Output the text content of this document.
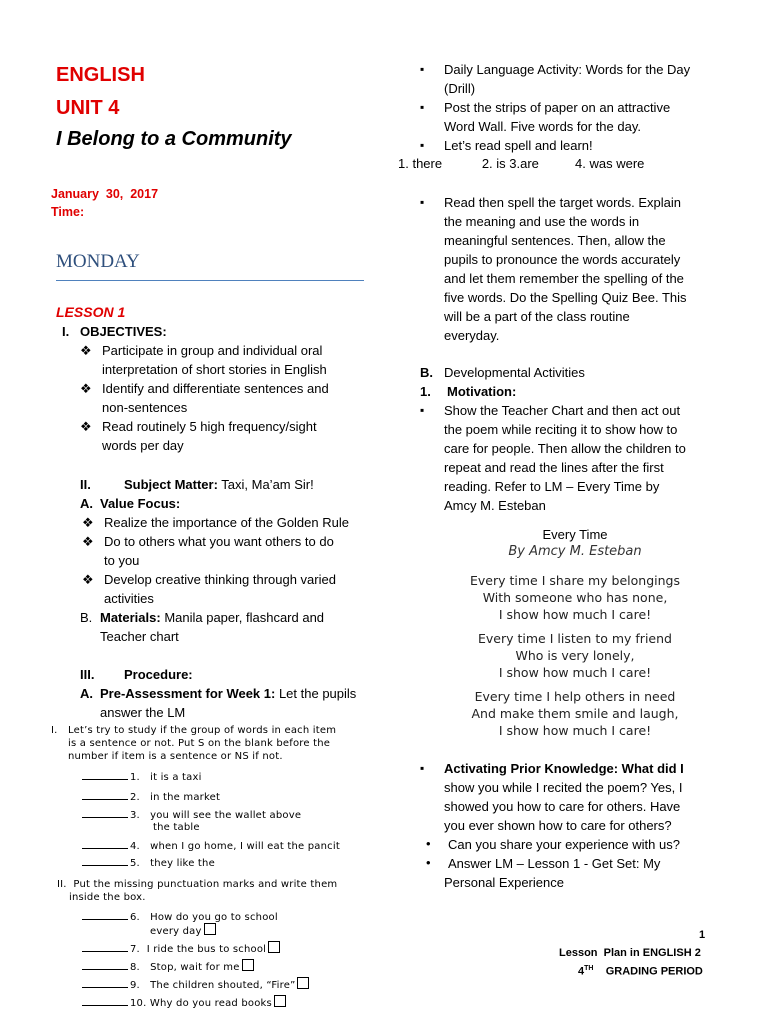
ENGLISH
UNIT 4
I Belong to a Community
January  30,  2017
Time:
MONDAY
LESSON 1
I. OBJECTIVES:
❖ Participate in group and individual oral
interpretation of short stories in English
❖ Identify and differentiate sentences and
non-sentences
❖ Read routinely 5 high frequency/sight
words per day
II.	Subject Matter: Taxi, Ma’am Sir!
A. Value Focus:
❖ Realize the importance of the Golden Rule
❖ Do to others what you want others to do
to you
❖ Develop creative thinking through varied
activities
B. Materials: Manila paper, flashcard and
Teacher chart
III. Procedure:
A. Pre-Assessment for Week 1: Let the pupils
answer the LM
I. Let’s try to study if the group of words in each item
is a sentence or not. Put S on the blank before the
number if item is a sentence or NS if not.
1. it is a taxi
2. in the market
3. you will see the wallet above
the table
4. when I go home, I will eat the pancit
5. they like the
II.  Put the missing punctuation marks and write them
inside the box.
6. How do you go to school
every day
7. I ride the bus to school
8. Stop, wait for me
9. The children shouted, “Fire”
10. Why do you read books
▪ Daily Language Activity: Words for the Day
(Drill)
▪ Post the strips of paper on an attractive
Word Wall. Five words for the day.
▪ Let’s read spell and learn!
1. there           2. is 3.are          4. was were
▪ Read then spell the target words. Explain
the meaning and use the words in
meaningful sentences. Then, allow the
pupils to pronounce the words accurately
and let them remember the spelling of the
five words. Do the Spelling Quiz Bee. This
will be a part of the class routine
everyday.
B. Developmental Activities
1. Motivation:
▪ Show the Teacher Chart and then act out
the poem while reciting it to show how to
care for people. Then allow the children to
repeat and read the lines after the first
reading. Refer to LM – Every Time by
Amcy M. Esteban
Every Time
By Amcy M. Esteban
Every time I share my belongings
With someone who has none,
I show how much I care!
Every time I listen to my friend
Who is very lonely,
I show how much I care!
Every time I help others in need
And make them smile and laugh,
I show how much I care!
▪ Activating Prior Knowledge: What did I
show you while I recited the poem? Yes, I
showed you how to care for others. Have
you ever shown how to care for others?
• Can you share your experience with us?
• Answer LM – Lesson 1 - Get Set: My
Personal Experience
1
Lesson  Plan in ENGLISH 2
4TH GRADING PERIOD
